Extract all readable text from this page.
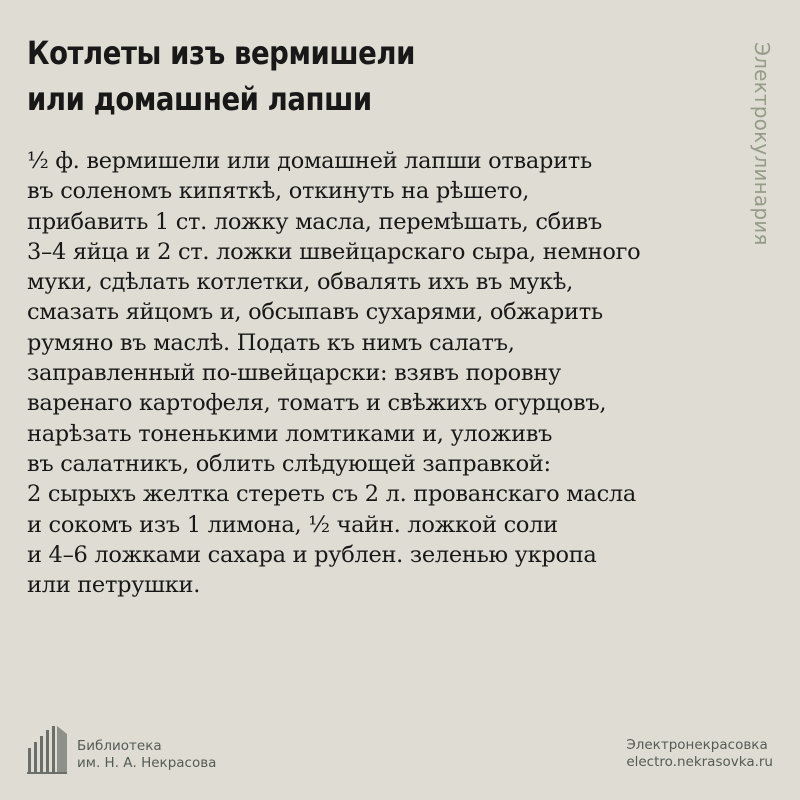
Котлеты изъ вермишели
или домашней лапши	Электрокулинария

½ ф. вермишели или домашней лапши отварить
въ соленомъ кипяткѣ, откинуть на рѣшето,
прибавить 1 ст. ложку масла, перемѣшать, сбивъ
3–4 яйца и 2 ст. ложки швейцарскаго сыра, немного
муки, сдѣлать котлетки, обвалять ихъ въ мукѣ,
смазать яйцомъ и, обсыпавъ сухарями, обжарить
румяно въ маслѣ. Подать къ нимъ салатъ,
заправленный по-швейцарски: взявъ поровну
варенаго картофеля, томатъ и свѣжихъ огурцовъ,
нарѣзать тоненькими ломтиками и, уложивъ
въ салатникъ, облить слѣдующей заправкой:
2 сырыхъ желтка стереть съ 2 л. прованскаго масла
и сокомъ изъ 1 лимона, ½ чайн. ложкой соли
и 4–6 ложками сахара и рублен. зеленью укропа
или петрушки.

Библиотека
им. Н. А. Некрасова
Электронекрасовка
electro.nekrasovka.ru
